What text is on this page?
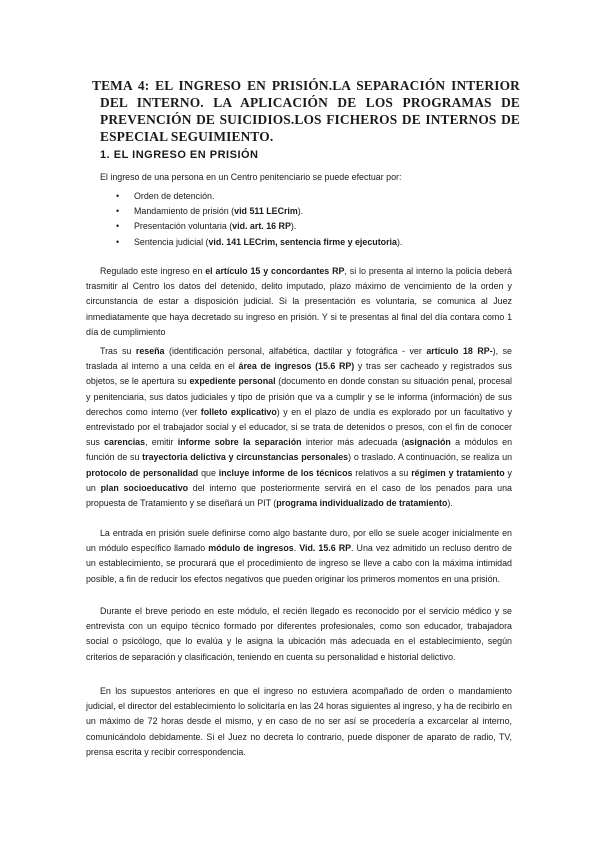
TEMA 4: EL INGRESO EN PRISIÓN.LA SEPARACIÓN INTERIOR DEL INTERNO. LA APLICACIÓN DE LOS PROGRAMAS DE PREVENCIÓN DE SUICIDIOS.LOS FICHEROS DE INTERNOS DE ESPECIAL SEGUIMIENTO.
1. EL INGRESO EN PRISIÓN

El ingreso de una persona en un Centro penitenciario se puede efectuar por:

• Orden de detención.
• Mandamiento de prisión (vid 511 LECrim).
• Presentación voluntaria (vid. art. 16 RP).
• Sentencia judicial (vid. 141 LECrim, sentencia firme y ejecutoria).

Regulado este ingreso en el artículo 15 y concordantes RP, si lo presenta al interno la policía deberá trasmitir al Centro los datos del detenido, delito imputado, plazo máximo de vencimiento de la orden y circunstancia de estar a disposición judicial. Si la presentación es voluntaria, se comunica al Juez inmediatamente que haya decretado su ingreso en prisión. Y si te presentas al final del día contara como 1 día de cumplimiento

Tras su reseña (identificación personal, alfabética, dactilar y fotográfica - ver artículo 18 RP-), se traslada al interno a una celda en el área de ingresos (15.6 RP) y tras ser cacheado y registrados sus objetos, se le apertura su expediente personal (documento en donde constan su situación penal, procesal y penitenciaria, sus datos judiciales y tipo de prisión que va a cumplir y se le informa (información) de sus derechos como interno (ver folleto explicativo) y en el plazo de undía es explorado por un facultativo y entrevistado por el trabajador social y el educador, si se trata de detenidos o presos, con el fin de conocer sus carencias, emitir informe sobre la separación interior más adecuada (asignación a módulos en función de su trayectoria delictiva y circunstancias personales) o traslado. A continuación, se realiza un protocolo de personalidad que incluye informe de los técnicos relativos a su régimen y tratamiento y un plan socioeducativo del interno que posteriormente servirá en el caso de los penados para una propuesta de Tratamiento y se diseñará un PIT (programa individualizado de tratamiento).

La entrada en prisión suele definirse como algo bastante duro, por ello se suele acoger inicialmente en un módulo específico llamado módulo de ingresos. Vid. 15.6 RP. Una vez admitido un recluso dentro de un establecimiento, se procurará que el procedimiento de ingreso se lleve a cabo con la máxima intimidad posible, a fin de reducir los efectos negativos que pueden originar los primeros momentos en una prisión.

Durante el breve periodo en este módulo, el recién llegado es reconocido por el servicio médico y se entrevista con un equipo técnico formado por diferentes profesionales, como son educador, trabajadora social o psicólogo, que lo evalúa y le asigna la ubicación más adecuada en el establecimiento, según criterios de separación y clasificación, teniendo en cuenta su personalidad e historial delictivo.

En los supuestos anteriores en que el ingreso no estuviera acompañado de orden o mandamiento judicial, el director del establecimiento lo solicitaría en las 24 horas siguientes al ingreso, y ha de recibirlo en un máximo de 72 horas desde el mismo, y en caso de no ser así se procedería a excarcelar al interno, comunicándolo debidamente. Si el Juez no decreta lo contrario, puede disponer de aparato de radio, TV, prensa escrita y recibir correspondencia.
